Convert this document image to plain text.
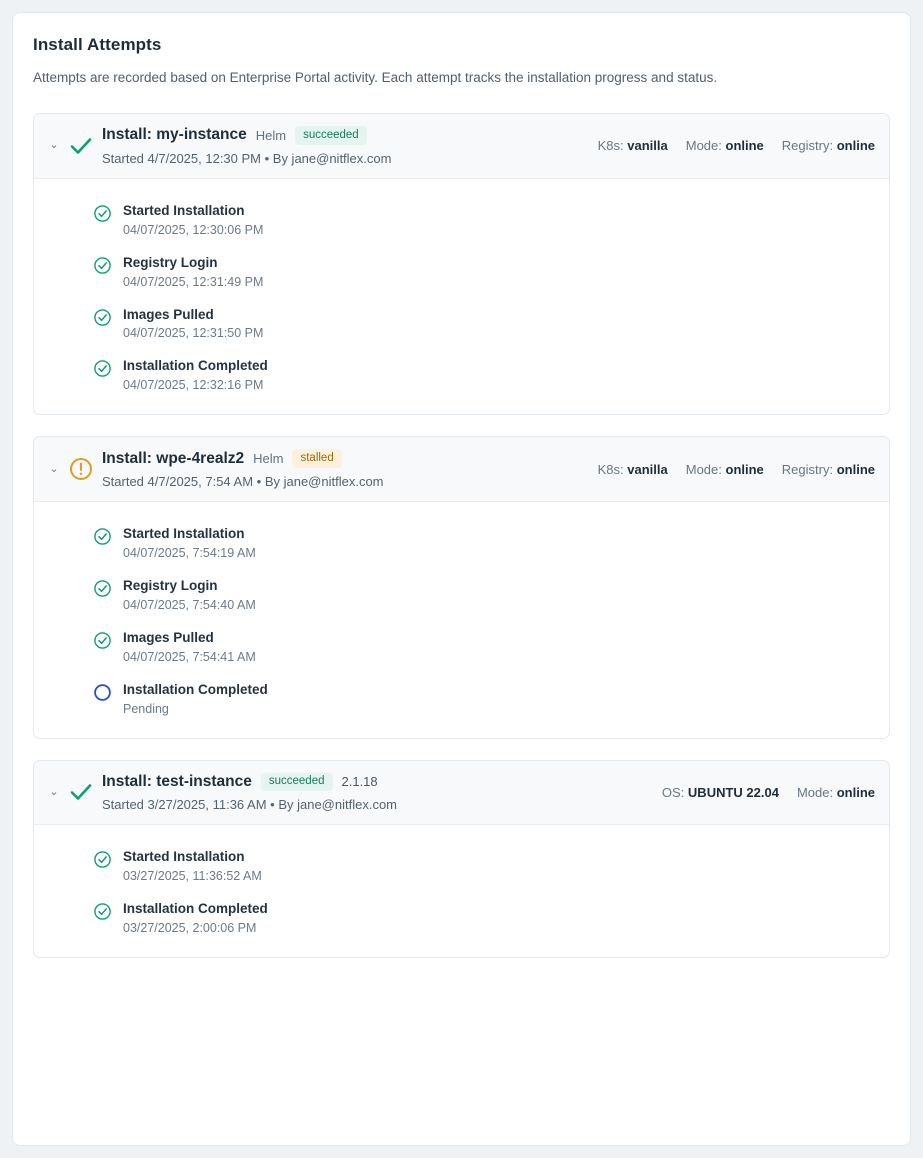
Install Attempts

Attempts are recorded based on Enterprise Portal activity. Each attempt tracks the installation progress and status.

⌄
Install: my-instance Helm	succeeded
Started 4/7/2025, 12:30 PM • By jane@nitflex.com
K8s: vanilla Mode: online Registry: online
Started Installation
04/07/2025, 12:30:06 PM
Registry Login
04/07/2025, 12:31:49 PM
Images Pulled
04/07/2025, 12:31:50 PM
Installation Completed
04/07/2025, 12:32:16 PM
⌄
Install: wpe-4realz2 Helm	stalled
Started 4/7/2025, 7:54 AM • By jane@nitflex.com
K8s: vanilla Mode: online Registry: online
Started Installation
04/07/2025, 7:54:19 AM
Registry Login
04/07/2025, 7:54:40 AM
Images Pulled
04/07/2025, 7:54:41 AM
Installation Completed
Pending
⌄
Install: test-instance	succeeded	2.1.18
Started 3/27/2025, 11:36 AM • By jane@nitflex.com
OS: UBUNTU 22.04 Mode: online
Started Installation
03/27/2025, 11:36:52 AM
Installation Completed
03/27/2025, 2:00:06 PM
